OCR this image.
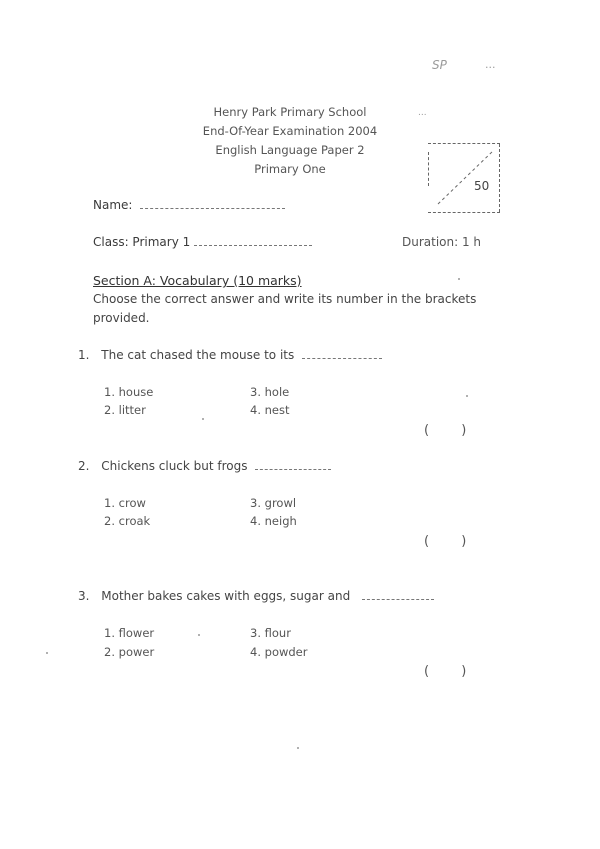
SP	...
...
Henry Park Primary School
End-Of-Year Examination 2004
English Language Paper 2
Primary One
50
Name:
Class: Primary 1	Duration: 1 h
Section A: Vocabulary (10 marks)
Choose the correct answer and write its number in the brackets
provided.
1. The cat chased the mouse to its
1. house	3. hole
2. litter	4. nest
( )
2. Chickens cluck but frogs
1. crow	3. growl
2. croak	4. neigh
( )
3. Mother bakes cakes with eggs, sugar and
1. flower	3. flour
2. power	4. powder
( )
